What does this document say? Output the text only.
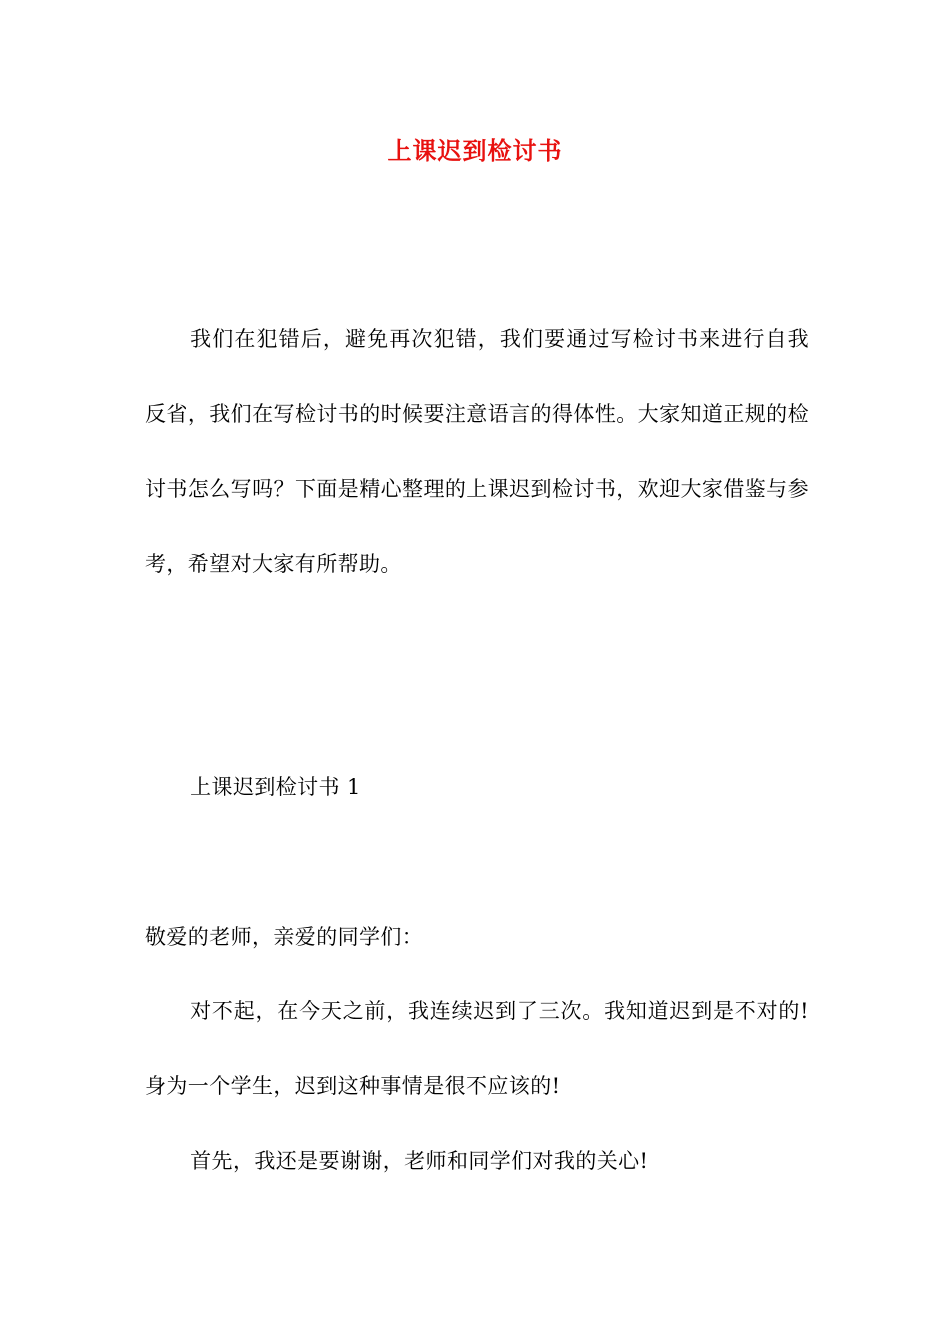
上课迟到检讨书

我们在犯错后，避免再次犯错，我们要通过写检讨书来进行自我反省，我们在写检讨书的时候要注意语言的得体性。大家知道正规的检讨书怎么写吗？下面是精心整理的上课迟到检讨书，欢迎大家借鉴与参考，希望对大家有所帮助。

上课迟到检讨书 1

敬爱的老师，亲爱的同学们：

对不起，在今天之前，我连续迟到了三次。我知道迟到是不对的!身为一个学生，迟到这种事情是很不应该的!

首先，我还是要谢谢，老师和同学们对我的关心!
